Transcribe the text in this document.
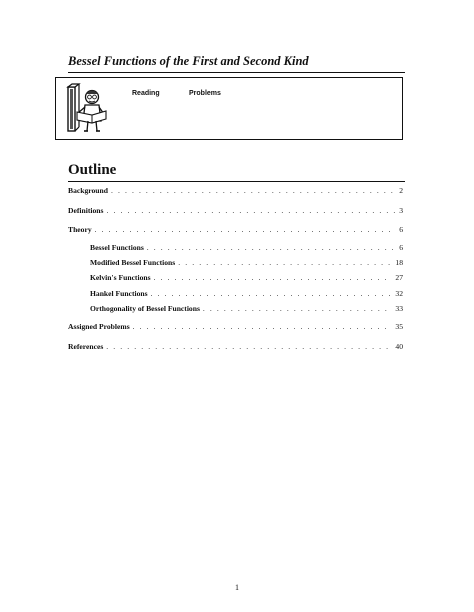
Bessel Functions of the First and Second Kind
Reading	Problems
Outline
Background . . .	2
Definitions . . .	3
Theory . . .	6
Bessel Functions . . .	6
Modified Bessel Functions . . .	18
Kelvin's Functions . . .	27
Hankel Functions . . .	32
Orthogonality of Bessel Functions . . .	33
Assigned Problems . . .	35
References . . .	40
1
